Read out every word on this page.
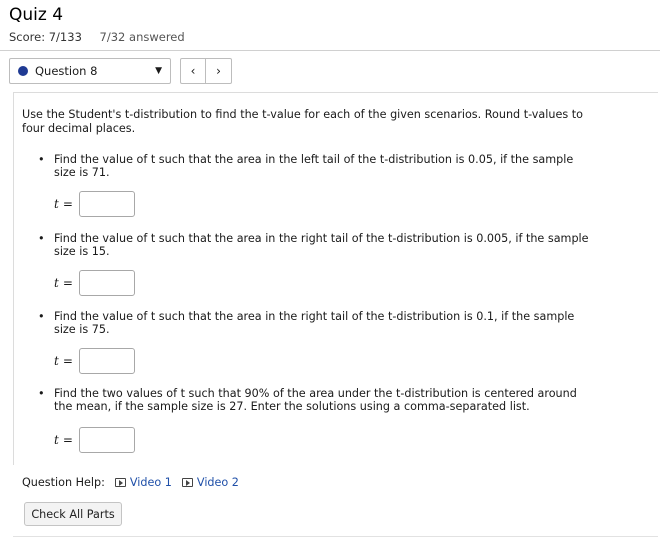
Quiz 4
Score: 7/133 7/32 answered
Question 8	▼ ‹ ›
Use the Student's t-distribution to find the t-value for each of the given scenarios. Round t-values to four decimal places.
• Find the value of t such that the area in the left tail of the t-distribution is 0.05, if the sample size is 71.
t =
• Find the value of t such that the area in the right tail of the t-distribution is 0.005, if the sample size is 15.
t =
• Find the value of t such that the area in the right tail of the t-distribution is 0.1, if the sample size is 75.
t =
• Find the two values of t such that 90% of the area under the t-distribution is centered around the mean, if the sample size is 27. Enter the solutions using a comma-separated list.
t =
Question Help: Video 1 Video 2
Check All Parts
